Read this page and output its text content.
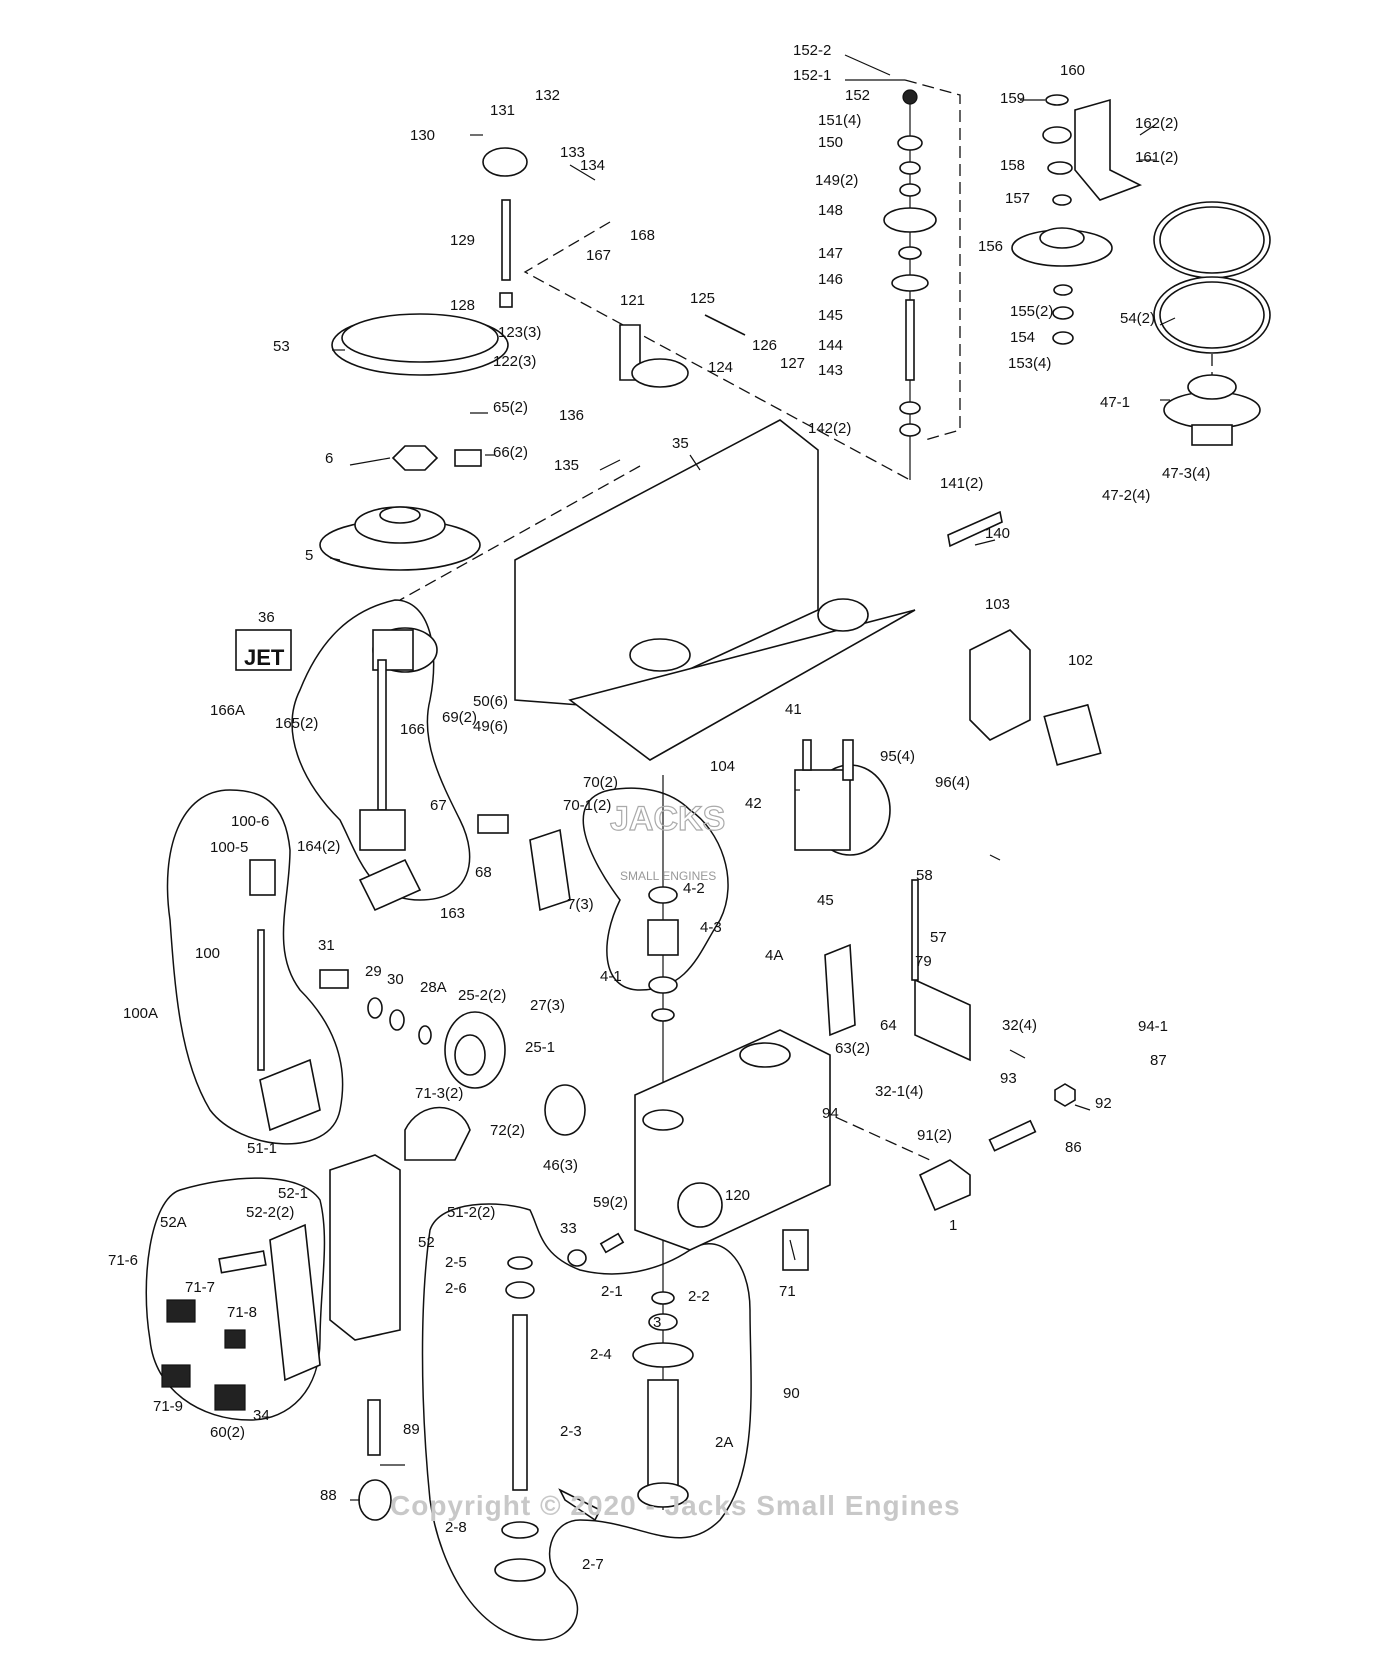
JET
JACKS
SMALL ENGINES
Copyright © 2020 - Jacks Small Engines
152-2
152-1
152
151(4)
150
149(2)
148
147
146
145
144
143
142(2)
141(2)
140
160
159
162(2)
158	161(2)
157
156
155(2)
154
153(4)
54(2)
47-1
47-3(4)
47-2(4)
130
131
132
133
134
129
128
168
167
121	125
123(3)
122(3)
126
127
124
53
65(2)
66(2)
6
136
135
35
5
36
166A
165(2)	166
50(6)
49(6)
104
41
42
103
102
95(4)
96(4)
69(2)
67
70(2)
70-1(2)
68
4-2
7(3)
4-3
4A
4-1
164(2)
163
100-6
100-5
100
100A
31
29 30 28A 25-2(2)
27(3)
25-1
46(3)
45
63(2)
58
57
79
64	32(4)
32-1(4)
94
94-1
87
93
92
86
91(2)
1
120
71
71-3(2)
72(2)
51-2(2)
51-1
52
52-1
52-2(2)
52A
71-6
71-7
71-8
71-9
60(2)
34
33
59(2)
2-1	2-2
3
2-4
2-5
2-6
2-3
2A
90
89
88
2-7
2-8
